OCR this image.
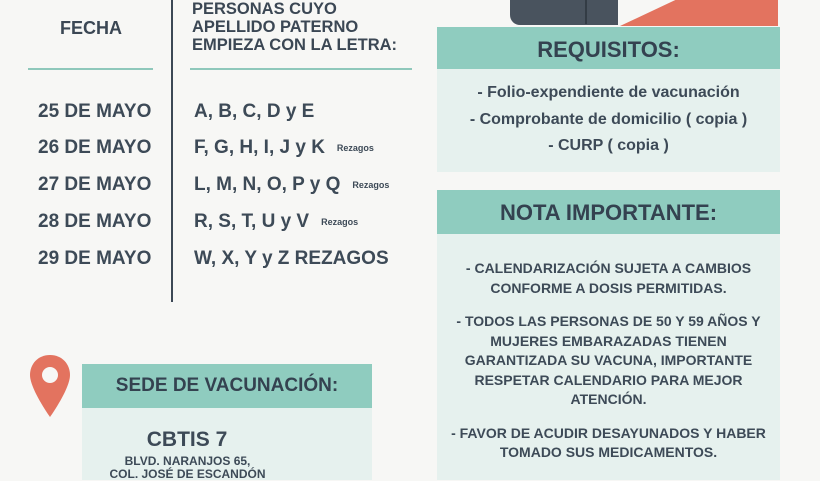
FECHA
PERSONAS CUYO APELLIDO PATERNO EMPIEZA CON LA LETRA:
25 DE MAYO A, B, C, D y E
26 DE MAYO F, G, H, I, J y K Rezagos
27 DE MAYO L, M, N, O, P y Q Rezagos
28 DE MAYO R, S, T, U y V Rezagos
29 DE MAYO W, X, Y y Z REZAGOS
REQUISITOS:
- Folio-expendiente de vacunación
- Comprobante de domicilio ( copia )
- CURP ( copia )
NOTA IMPORTANTE:

- CALENDARIZACIÓN SUJETA A CAMBIOS CONFORME A DOSIS PERMITIDAS.

- TODOS LAS PERSONAS DE 50 Y 59 AÑOS Y MUJERES EMBARAZADAS TIENEN GARANTIZADA SU VACUNA, IMPORTANTE RESPETAR CALENDARIO PARA MEJOR ATENCIÓN.

- FAVOR DE ACUDIR DESAYUNADOS Y HABER TOMADO SUS MEDICAMENTOS.

SEDE DE VACUNACIÓN:
CBTIS 7
BLVD. NARANJOS 65,
COL. JOSÉ DE ESCANDÓN
